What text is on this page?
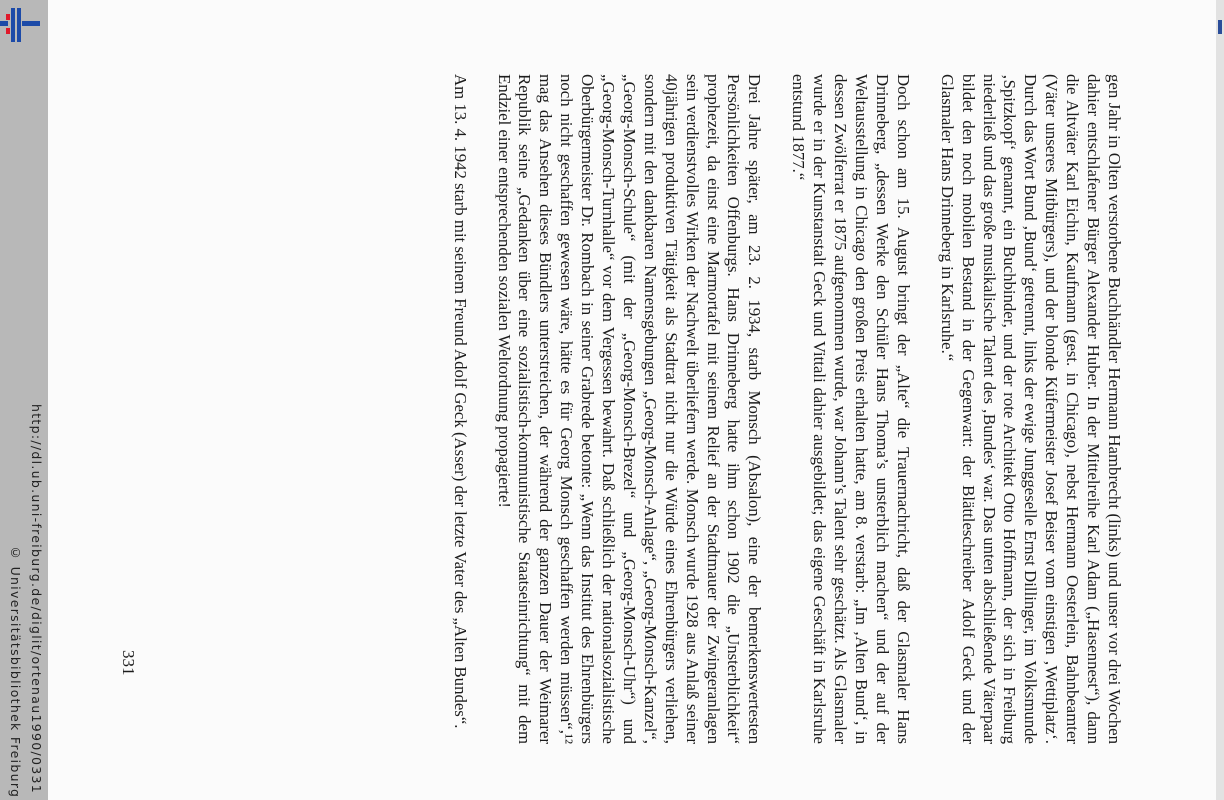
http://dl.ub.uni-freiburg.de/diglit/ortenau1990/0331
© Universitätsbibliothek Freiburg	gen Jahr in Olten verstorbene Buchhändler Hermann Hambrecht (links) und unser vor drei Wochen dahier entschlafener Bürger Alexander Huber. In der Mittelreihe Karl Adam („Hasennest“), dann die Altväter Karl Eichin, Kaufmann (gest. in Chicago), nebst Hermann Oesterlein, Bahnbeamter (Väter unseres Mitbürgers), und der blonde Küfermeister Josef Beiser vom einstigen ‚Wettiplatz‘. Durch das Wort Bund ‚Bund‘ getrennt, links der ewige Junggeselle Ernst Dillinger, im Volksmunde ‚Spitzkopf‘ genannt, ein Buchbinder, und der rote Architekt Otto Hoffmann, der sich in Freiburg niederließ und das große musikalische Talent des ‚Bundes‘ war. Das unten abschließende Väterpaar bildet den noch mobilen Bestand in der Gegenwart: der Blättleschreiber Adolf Geck und der Glasmaler Hans Drinneberg in Karlsruhe.“

Doch schon am 15. August bringt der „Alte“ die Trauernachricht, daß der Glasmaler Hans Drinneberg, „dessen Werke den Schüler Hans Thoma’s unsterblich machen“ und der auf der Weltausstellung in Chicago den großen Preis erhalten hatte, am 8. verstarb: „Im ‚Alten Bund‘, in dessen Zwölferrat er 1875 aufgenommen wurde, war Johann’s Talent sehr geschätzt. Als Glasmaler wurde er in der Kunstanstalt Geck und Vittali dahier ausgebildet; das eigene Geschäft in Karlsruhe entstund 1877.“

Drei Jahre später, am 23. 2. 1934, starb Monsch (Absalon), eine der bemerkenswertesten Persönlichkeiten Offenburgs. Hans Drinneberg hatte ihm schon 1902 die „Unsterblichkeit“ prophezeit, da einst eine Marmortafel mit seinem Relief an der Stadtmauer der Zwingeranlagen sein verdienstvolles Wirken der Nachwelt überliefern werde. Monsch wurde 1928 aus Anlaß seiner 40jährigen produktiven Tätigkeit als Stadtrat nicht nur die Würde eines Ehrenbürgers verliehen, sondern mit den dankbaren Namensgebungen „Georg-Monsch-Anlage“, „Georg-Monsch-Kanzel“, „Georg-Monsch-Schule“ (mit der „Georg-Monsch-Brezel“ und „Georg-Monsch-Uhr“) und „Georg-Monsch-Turnhalle“ vor dem Vergessen bewahrt. Daß schließlich der nationalsozialistische Oberbürgermeister Dr. Rombach in seiner Grabrede betonte: „Wenn das Institut des Ehrenbürgers noch nicht geschaffen gewesen wäre, hätte es für Georg Monsch geschaffen werden müssen“,¹² mag das Ansehen dieses Bündlers unterstreichen, der während der ganzen Dauer der Weimarer Republik seine „Gedanken über eine sozialistisch-kommunistische Staatseinrichtung“ mit dem Endziel einer entsprechenden sozialen Weltordnung propagierte!

Am 13. 4. 1942 starb mit seinem Freund Adolf Geck (Asser) der letzte Vater des „Alten Bundes“.

331
